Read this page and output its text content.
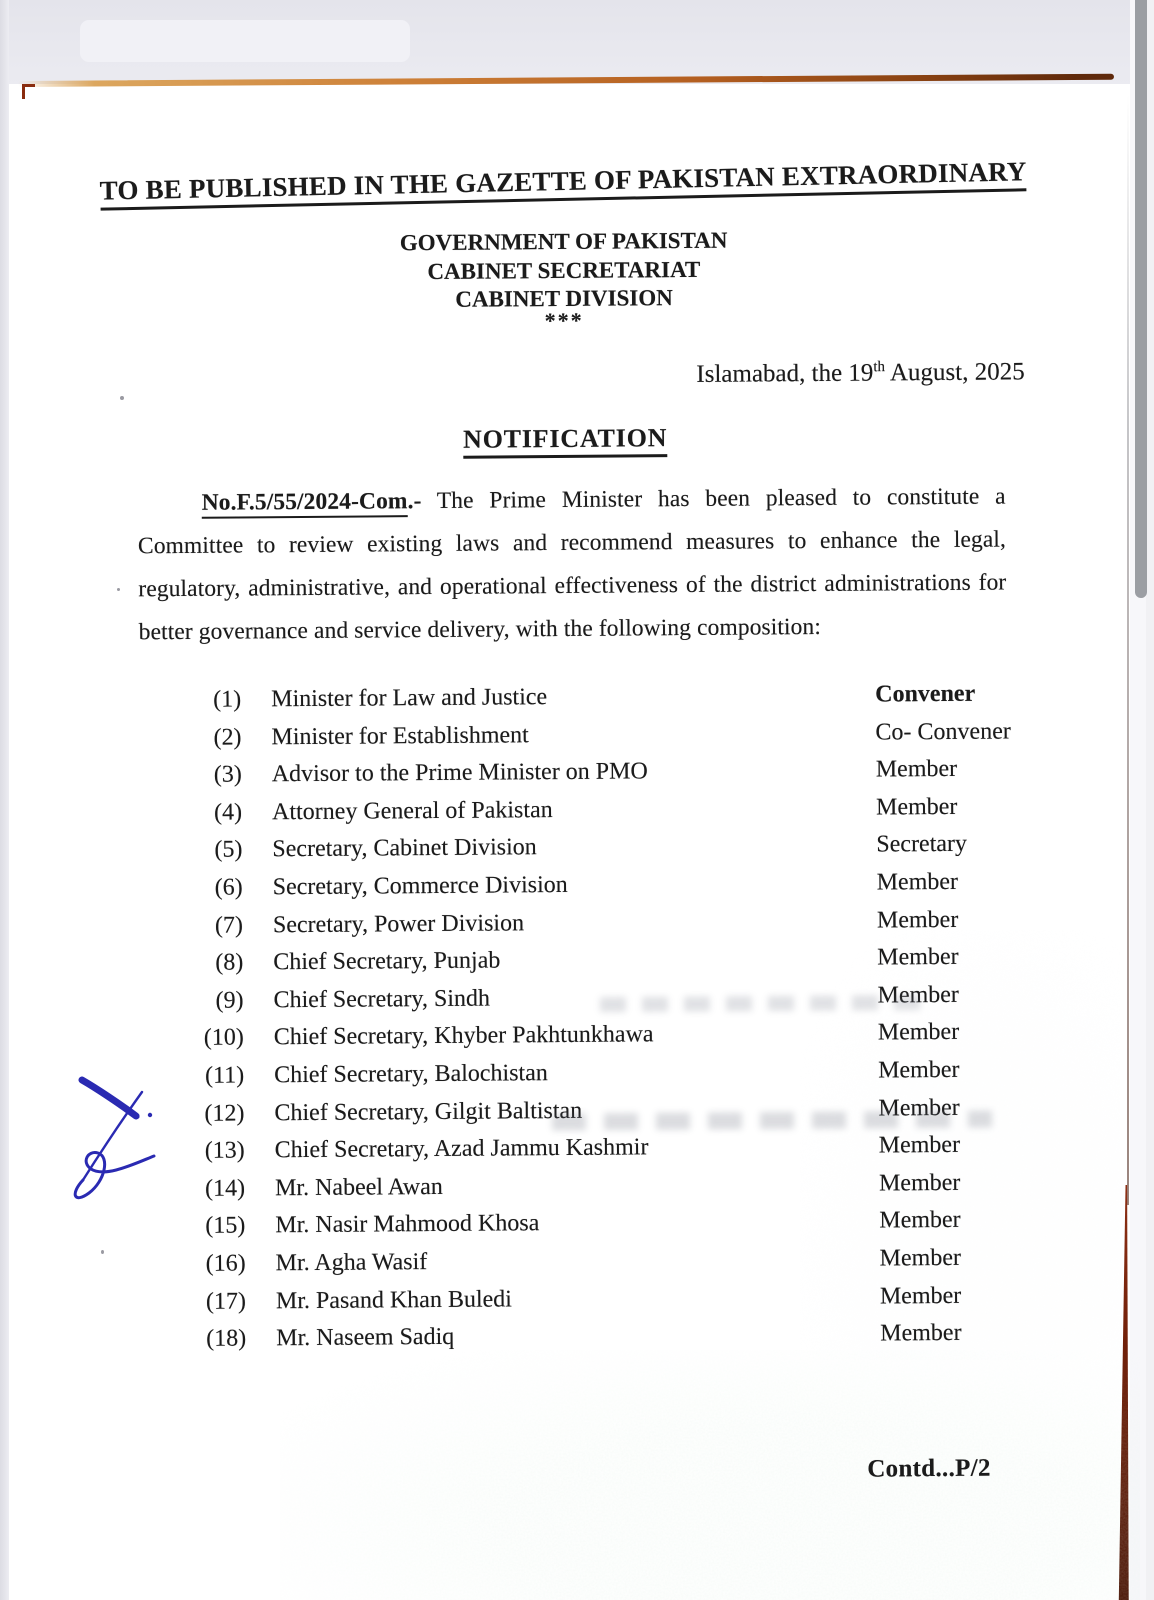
TO BE PUBLISHED IN THE GAZETTE OF PAKISTAN EXTRAORDINARY
GOVERNMENT OF PAKISTAN
CABINET SECRETARIAT
CABINET DIVISION
***
Islamabad, the 19th August, 2025
NOTIFICATION
No.F.5/55/2024-Com.- The Prime Minister has been pleased to constitute a Committee to review existing laws and recommend measures to enhance the legal, regulatory, administrative, and operational effectiveness of the district administrations for better governance and service delivery, with the following composition:
(1) Minister for Law and Justice	Convener
(2) Minister for Establishment	Co- Convener
(3) Advisor to the Prime Minister on PMO	Member
(4) Attorney General of Pakistan	Member
(5) Secretary, Cabinet Division	Secretary
(6) Secretary, Commerce Division	Member
(7) Secretary, Power Division	Member
(8) Chief Secretary, Punjab	Member
(9) Chief Secretary, Sindh	Member
(10) Chief Secretary, Khyber Pakhtunkhawa	Member
(11) Chief Secretary, Balochistan	Member
(12) Chief Secretary, Gilgit Baltistan	Member
(13) Chief Secretary, Azad Jammu Kashmir	Member
(14) Mr. Nabeel Awan	Member
(15) Mr. Nasir Mahmood Khosa	Member
(16) Mr. Agha Wasif	Member
(17) Mr. Pasand Khan Buledi	Member
(18) Mr. Naseem Sadiq	Member
Contd...P/2
